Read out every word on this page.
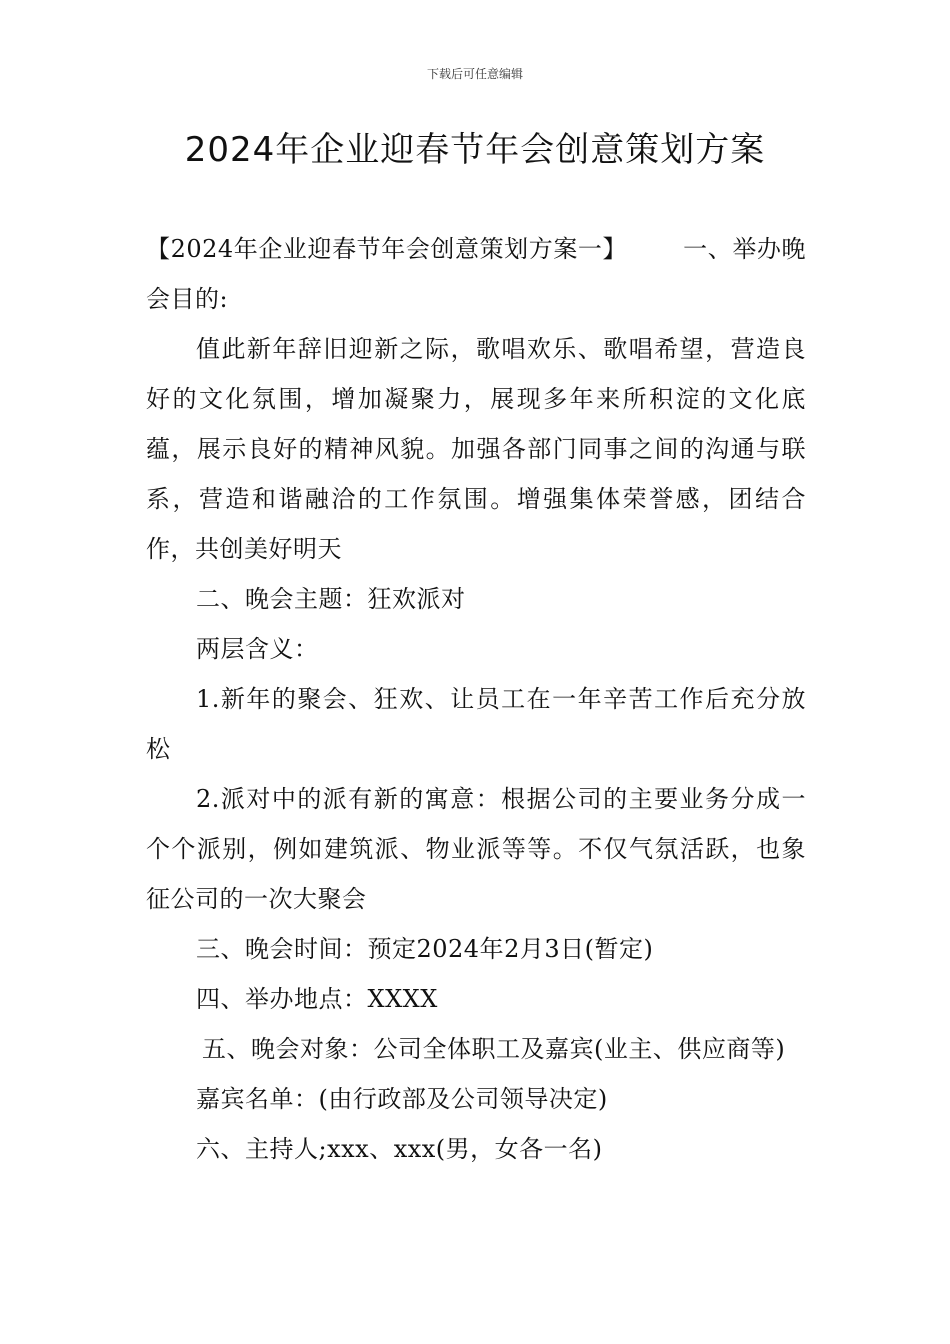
下载后可任意编辑
2024年企业迎春节年会创意策划方案

【2024年企业迎春节年会创意策划方案一】 一、举办晚会目的:

值此新年辞旧迎新之际，歌唱欢乐、歌唱希望，营造良好的文化氛围，增加凝聚力，展现多年来所积淀的文化底蕴，展示良好的精神风貌。加强各部门同事之间的沟通与联系，营造和谐融洽的工作氛围。增强集体荣誉感，团结合作，共创美好明天

二、晚会主题：狂欢派对

两层含义：

1.新年的聚会、狂欢、让员工在一年辛苦工作后充分放松

2.派对中的派有新的寓意：根据公司的主要业务分成一个个派别，例如建筑派、物业派等等。不仅气氛活跃，也象征公司的一次大聚会

三、晚会时间：预定2024年2月3日(暂定)

四、举办地点：XXXX

五、晚会对象：公司全体职工及嘉宾(业主、供应商等)

嘉宾名单：(由行政部及公司领导决定)

六、主持人;xxx、xxx(男，女各一名)
